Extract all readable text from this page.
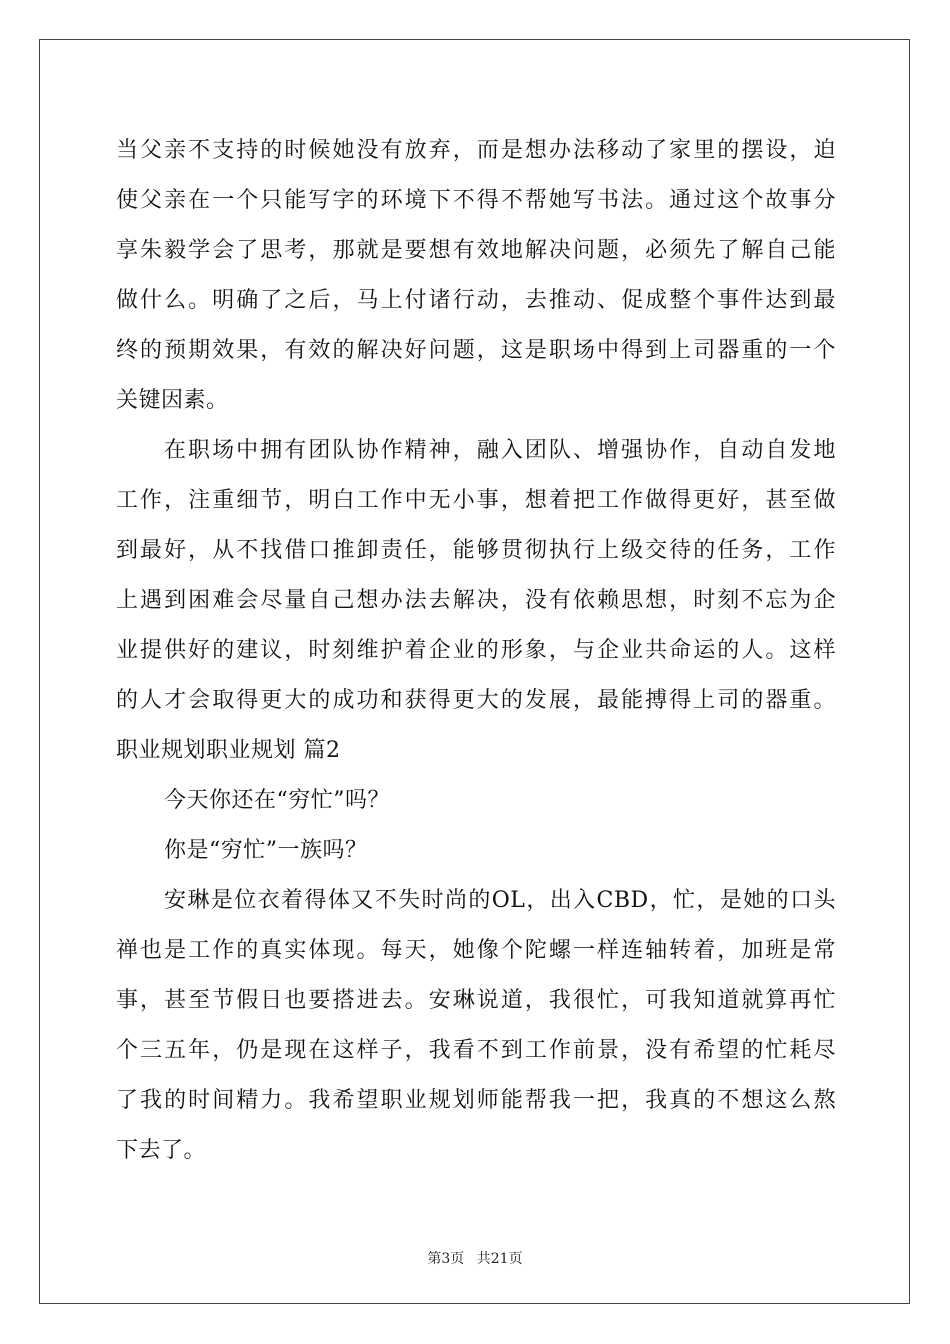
当父亲不支持的时候她没有放弃，而是想办法移动了家里的摆设，迫
使父亲在一个只能写字的环境下不得不帮她写书法。通过这个故事分
享朱毅学会了思考，那就是要想有效地解决问题，必须先了解自己能
做什么。明确了之后，马上付诸行动，去推动、促成整个事件达到最
终的预期效果，有效的解决好问题，这是职场中得到上司器重的一个
关键因素。
在职场中拥有团队协作精神，融入团队、增强协作，自动自发地
工作，注重细节，明白工作中无小事，想着把工作做得更好，甚至做
到最好，从不找借口推卸责任，能够贯彻执行上级交待的任务，工作
上遇到困难会尽量自己想办法去解决，没有依赖思想，时刻不忘为企
业提供好的建议，时刻维护着企业的形象，与企业共命运的人。这样
的人才会取得更大的成功和获得更大的发展，最能搏得上司的器重。
职业规划职业规划 篇2
今天你还在“穷忙”吗？
你是“穷忙”一族吗？
安琳是位衣着得体又不失时尚的OL，出入CBD，忙，是她的口头
禅也是工作的真实体现。每天，她像个陀螺一样连轴转着，加班是常
事，甚至节假日也要搭进去。安琳说道，我很忙，可我知道就算再忙
个三五年，仍是现在这样子，我看不到工作前景，没有希望的忙耗尽
了我的时间精力。我希望职业规划师能帮我一把，我真的不想这么熬
下去了。
第3页 共21页
